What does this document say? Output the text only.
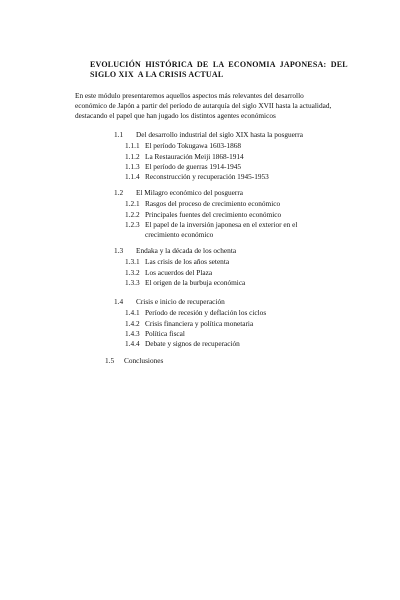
EVOLUCIÓN  HISTÓRICA  DE  LA  ECONOMIA  JAPONESA:  DEL
SIGLO XIX  A LA CRISIS ACTUAL
En este módulo presentaremos aquellos aspectos más relevantes del desarrollo
económico de Japón a partir del período de autarquía del siglo XVII hasta la actualidad,
destacando el papel que han jugado los distintos agentes económicos
1.1 Del desarrollo industrial del siglo XIX hasta la posguerra
1.1.1 El período Tokugawa 1603-1868
1.1.2 La Restauración Meiji 1868-1914
1.1.3 El período de guerras 1914-1945
1.1.4 Reconstrucción y recuperación 1945-1953
1.2 El Milagro económico del posguerra
1.2.1 Rasgos del proceso de crecimiento económico
1.2.2 Principales fuentes del crecimiento económico
1.2.3 El papel de la inversión japonesa en el exterior en el
crecimiento económico
1.3 Endaka y la década de los ochenta
1.3.1 Las crisis de los años setenta
1.3.2 Los acuerdos del Plaza
1.3.3 El origen de la burbuja económica
1.4 Crisis e inicio de recuperación
1.4.1 Período de recesión y deflación los ciclos
1.4.2 Crisis financiera y política monetaria
1.4.3 Política fiscal
1.4.4 Debate y signos de recuperación
1.5 Conclusiones
